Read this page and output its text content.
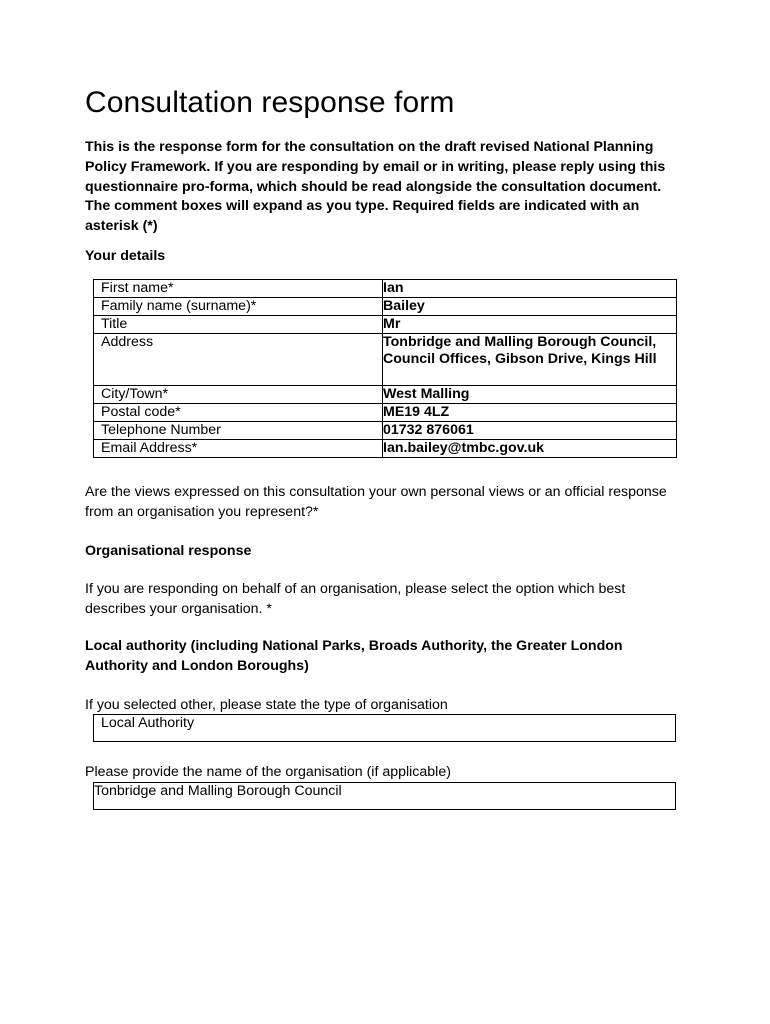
Consultation response form

This is the response form for the consultation on the draft revised National Planning Policy Framework. If you are responding by email or in writing, please reply using this questionnaire pro-forma, which should be read alongside the consultation document. The comment boxes will expand as you type. Required fields are indicated with an asterisk (*)

Your details

First name*	Ian
Family name (surname)*	Bailey
Title	Mr
Address	Tonbridge and Malling Borough Council, Council Offices, Gibson Drive, Kings Hill
City/Town*	West Malling
Postal code*	ME19 4LZ
Telephone Number	01732 876061
Email Address*	Ian.bailey@tmbc.gov.uk

Are the views expressed on this consultation your own personal views or an official response from an organisation you represent?*

Organisational response

If you are responding on behalf of an organisation, please select the option which best describes your organisation. *

Local authority (including National Parks, Broads Authority, the Greater London Authority and London Boroughs)

If you selected other, please state the type of organisation

Local Authority

Please provide the name of the organisation (if applicable)

Tonbridge and Malling Borough Council
